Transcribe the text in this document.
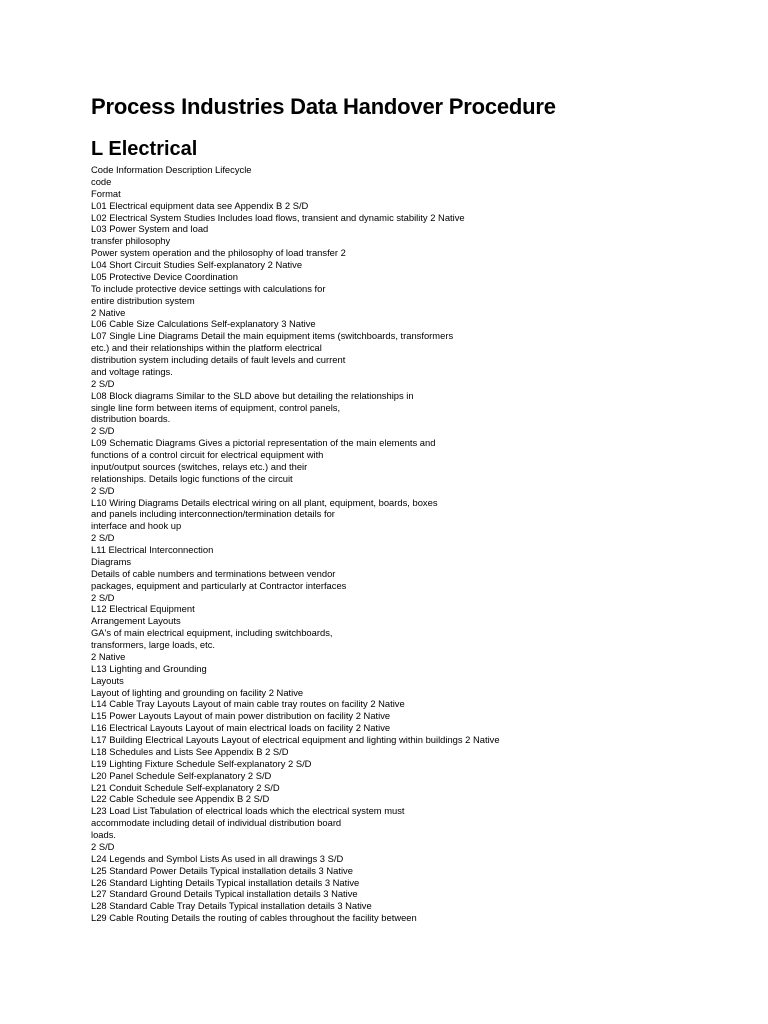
Process Industries Data Handover Procedure
L Electrical
Code Information Description Lifecycle
code
Format
L01 Electrical equipment data see Appendix B 2 S/D
L02 Electrical System Studies Includes load flows, transient and dynamic stability 2 Native
L03 Power System and load
transfer philosophy
Power system operation and the philosophy of load transfer 2
L04 Short Circuit Studies Self-explanatory 2 Native
L05 Protective Device Coordination
To include protective device settings with calculations for
entire distribution system
2 Native
L06 Cable Size Calculations Self-explanatory 3 Native
L07 Single Line Diagrams Detail the main equipment items (switchboards, transformers
etc.) and their relationships within the platform electrical
distribution system including details of fault levels and current
and voltage ratings.
2 S/D
L08 Block diagrams Similar to the SLD above but detailing the relationships in
single line form between items of equipment, control panels,
distribution boards.
2 S/D
L09 Schematic Diagrams Gives a pictorial representation of the main elements and
functions of a control circuit for electrical equipment with
input/output sources (switches, relays etc.) and their
relationships. Details logic functions of the circuit
2 S/D
L10 Wiring Diagrams Details electrical wiring on all plant, equipment, boards, boxes
and panels including interconnection/termination details for
interface and hook up
2 S/D
L11 Electrical Interconnection
Diagrams
Details of cable numbers and terminations between vendor
packages, equipment and particularly at Contractor interfaces
2 S/D
L12 Electrical Equipment
Arrangement Layouts
GA's of main electrical equipment, including switchboards,
transformers, large loads, etc.
2 Native
L13 Lighting and Grounding
Layouts
Layout of lighting and grounding on facility 2 Native
L14 Cable Tray Layouts Layout of main cable tray routes on facility 2 Native
L15 Power Layouts Layout of main power distribution on facility 2 Native
L16 Electrical Layouts Layout of main electrical loads on facility 2 Native
L17 Building Electrical Layouts Layout of electrical equipment and lighting within buildings 2 Native
L18 Schedules and Lists See Appendix B 2 S/D
L19 Lighting Fixture Schedule Self-explanatory 2 S/D
L20 Panel Schedule Self-explanatory 2 S/D
L21 Conduit Schedule Self-explanatory 2 S/D
L22 Cable Schedule see Appendix B 2 S/D
L23 Load List Tabulation of electrical loads which the electrical system must
accommodate including detail of individual distribution board
loads.
2 S/D
L24 Legends and Symbol Lists As used in all drawings 3 S/D
L25 Standard Power Details Typical installation details 3 Native
L26 Standard Lighting Details Typical installation details 3 Native
L27 Standard Ground Details Typical installation details 3 Native
L28 Standard Cable Tray Details Typical installation details 3 Native
L29 Cable Routing Details the routing of cables throughout the facility between
